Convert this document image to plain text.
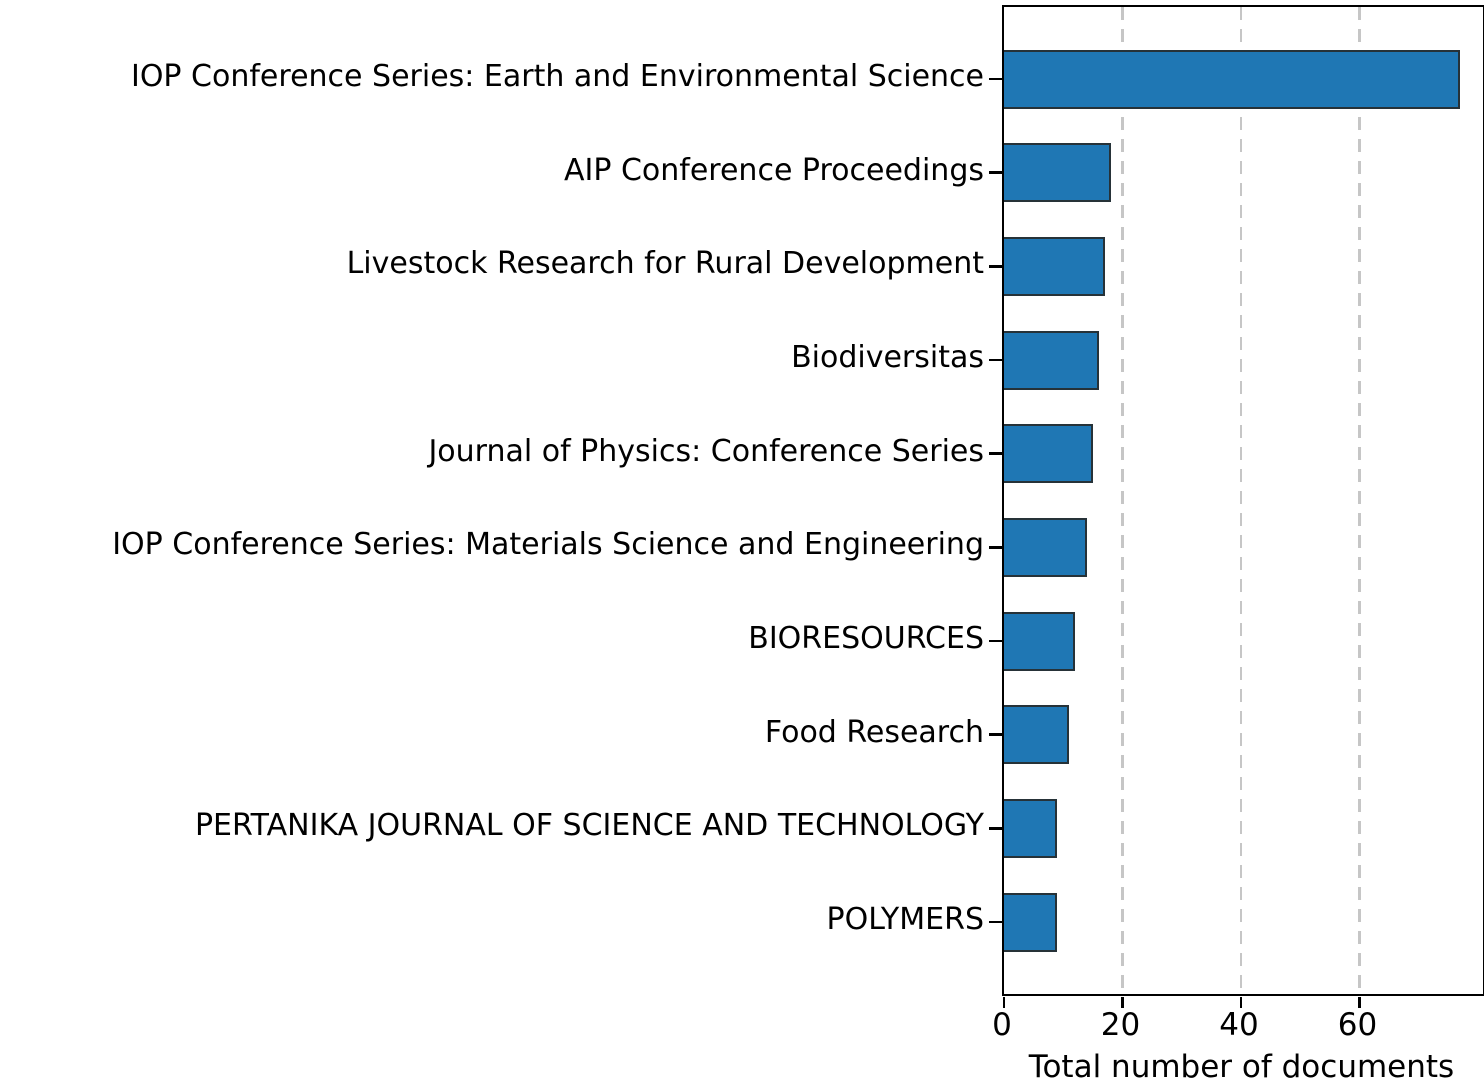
IOP Conference Series: Earth and Environmental Science
AIP Conference Proceedings
Livestock Research for Rural Development
Biodiversitas
Journal of Physics: Conference Series
IOP Conference Series: Materials Science and Engineering
BIORESOURCES
Food Research
PERTANIKA JOURNAL OF SCIENCE AND TECHNOLOGY
POLYMERS
0	20	40	60
Total number of documents
